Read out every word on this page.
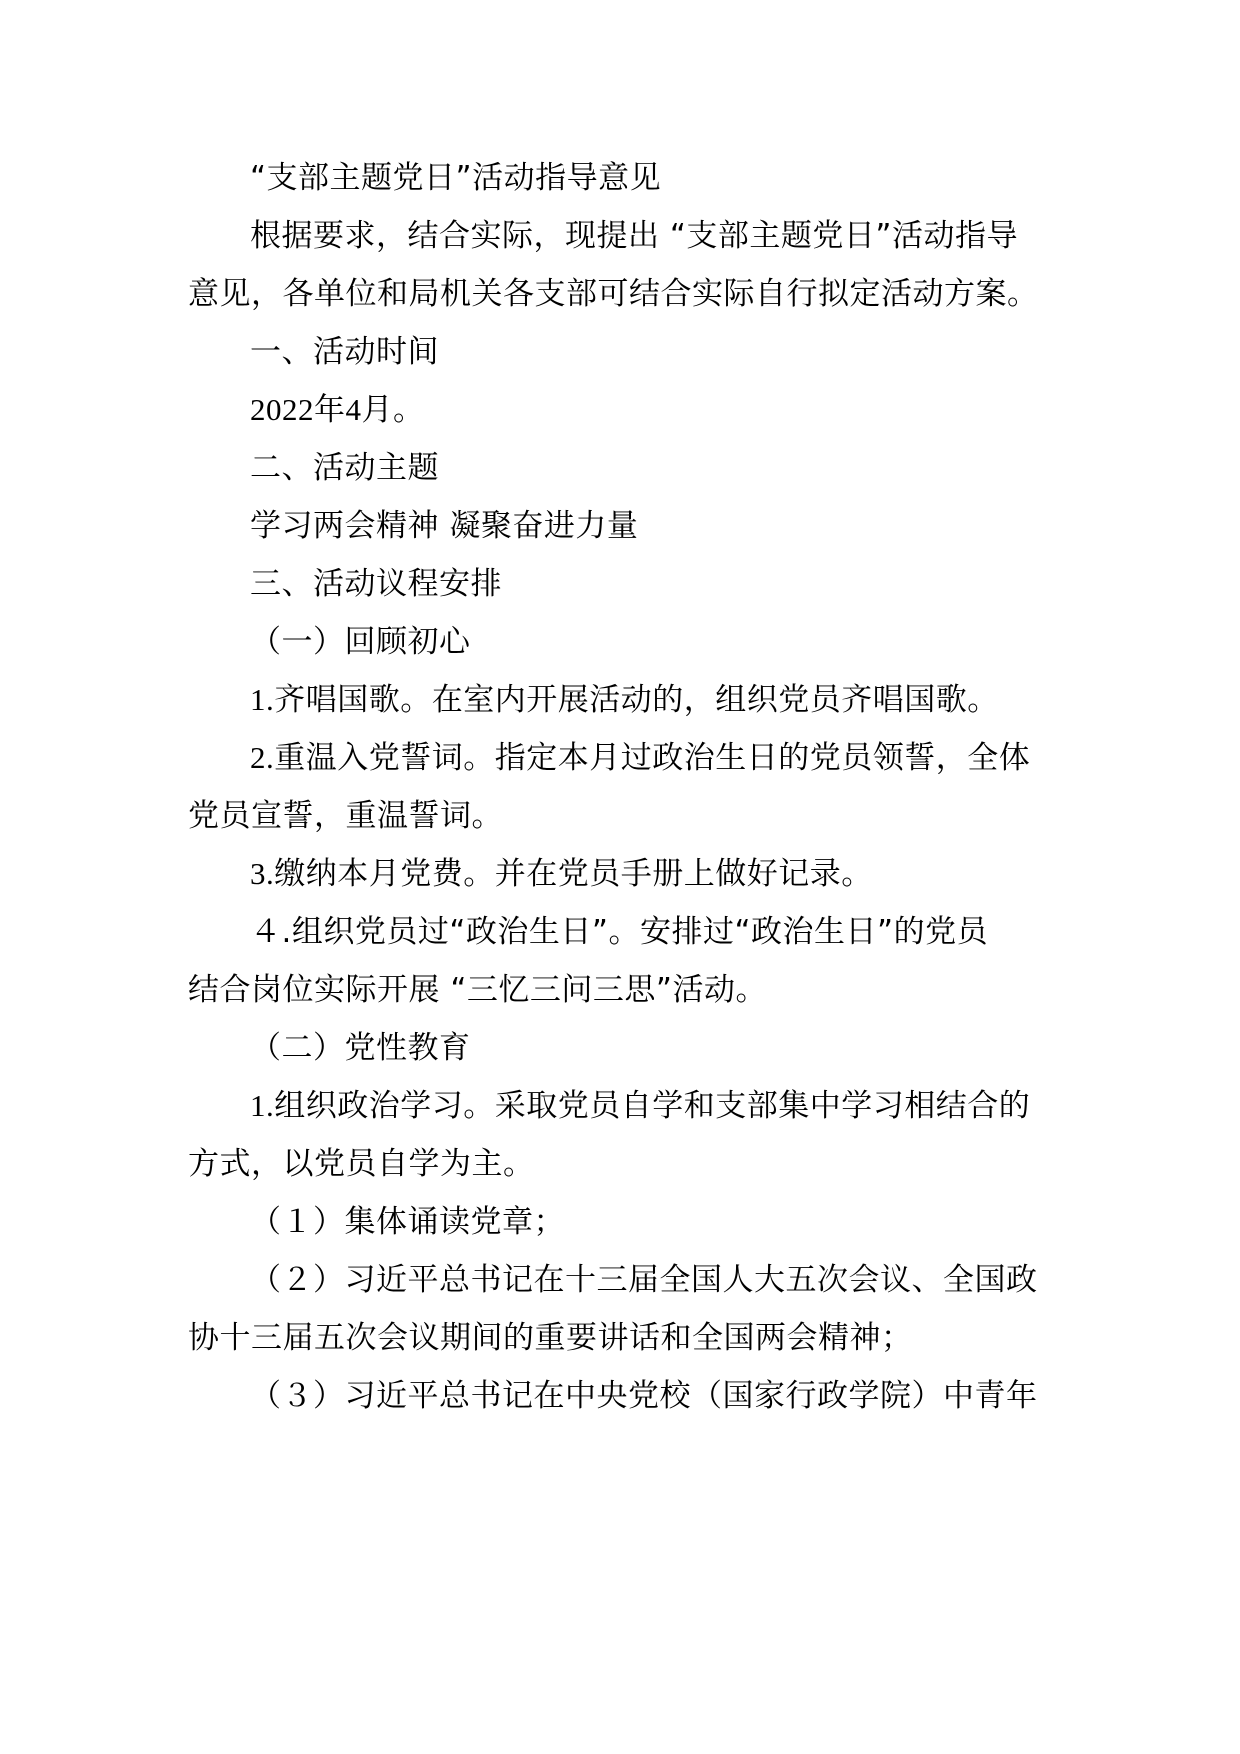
“支部主题党日”活动指导意见
根据要求，结合实际，现提出 “支部主题党日”活动指导
意见，各单位和局机关各支部可结合实际自行拟定活动方案。
一、活动时间
2022年4月。
二、活动主题
学习两会精神 凝聚奋进力量
三、活动议程安排
（一）回顾初心
1.齐唱国歌。在室内开展活动的，组织党员齐唱国歌。
2.重温入党誓词。指定本月过政治生日的党员领誓，全体
党员宣誓，重温誓词。
3.缴纳本月党费。并在党员手册上做好记录。
４.组织党员过“政治生日”。安排过“政治生日”的党员
结合岗位实际开展 “三忆三问三思”活动。
（二）党性教育
1.组织政治学习。采取党员自学和支部集中学习相结合的
方式，以党员自学为主。
（１）集体诵读党章；
（２）习近平总书记在十三届全国人大五次会议、全国政
协十三届五次会议期间的重要讲话和全国两会精神；
（３）习近平总书记在中央党校（国家行政学院）中青年
